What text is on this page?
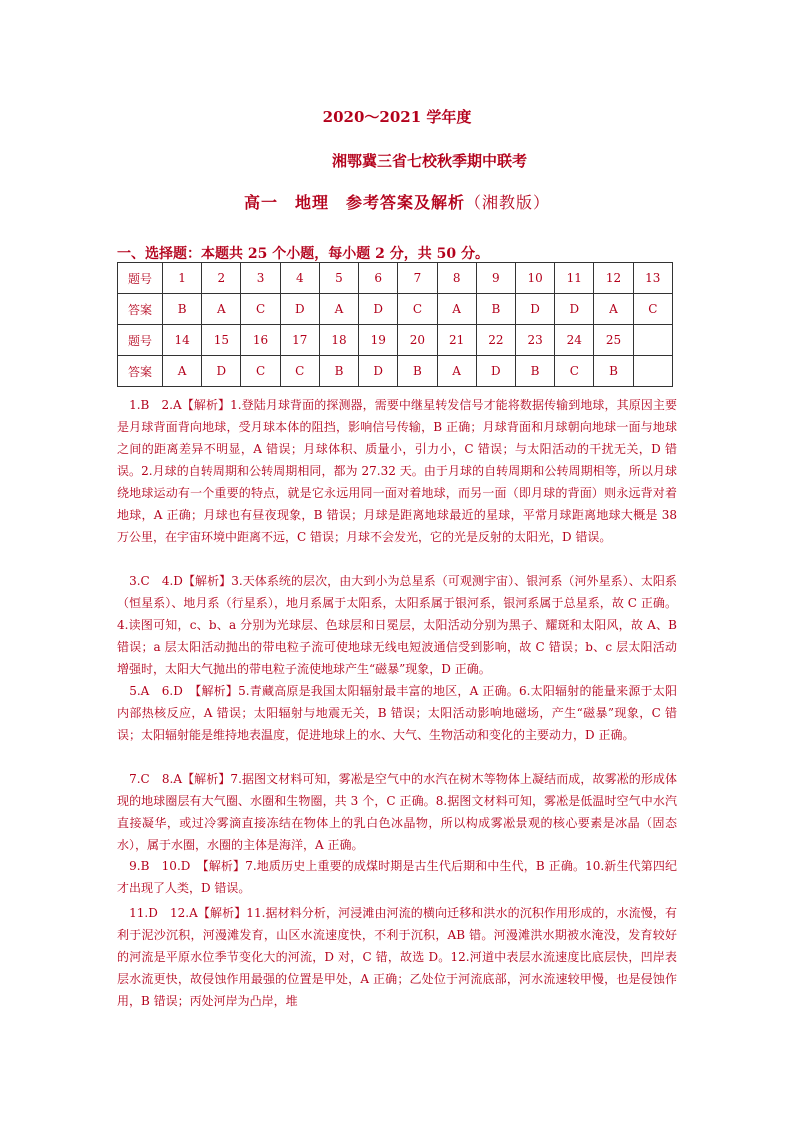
2020～2021 学年度
湘鄂冀三省七校秋季期中联考
高一　地理　参考答案及解析（湘教版）
一、选择题：本题共 25 个小题，每小题 2 分，共 50 分。
题号	1	2	3	4	5	6	7	8	9	10	11	12	13
答案	B	A	C	D	A	D	C	A	B	D	D	A	C
题号	14	15	16	17	18	19	20	21	22	23	24	25	
答案	A	D	C	C	B	D	B	A	D	B	C	B	

　1.B　2.A【解析】1.登陆月球背面的探测器，需要中继星转发信号才能将数据传输到地球，其原因主要是月球背面背向地球，受月球本体的阻挡，影响信号传输，B 正确；月球背面和月球朝向地球一面与地球之间的距离差异不明显，A 错误；月球体积、质量小，引力小，C 错误；与太阳活动的干扰无关，D 错误。2.月球的自转周期和公转周期相同，都为 27.32 天。由于月球的自转周期和公转周期相等，所以月球绕地球运动有一个重要的特点，就是它永远用同一面对着地球，而另一面（即月球的背面）则永远背对着地球，A 正确；月球也有昼夜现象，B 错误；月球是距离地球最近的星球，平常月球距离地球大概是 38 万公里，在宇宙环境中距离不远，C 错误；月球不会发光，它的光是反射的太阳光，D 错误。

　3.C　4.D【解析】3.天体系统的层次，由大到小为总星系（可观测宇宙）、银河系（河外星系）、太阳系（恒星系）、地月系（行星系），地月系属于太阳系，太阳系属于银河系，银河系属于总星系，故 C 正确。4.读图可知，c、b、a 分别为光球层、色球层和日冕层，太阳活动分别为黑子、耀斑和太阳风，故 A、B 错误；a 层太阳活动抛出的带电粒子流可使地球无线电短波通信受到影响，故 C 错误；b、c 层太阳活动增强时，太阳大气抛出的带电粒子流使地球产生“磁暴”现象，D 正确。

　5.A　6.D　【解析】5.青藏高原是我国太阳辐射最丰富的地区，A 正确。6.太阳辐射的能量来源于太阳内部热核反应，A 错误；太阳辐射与地震无关，B 错误；太阳活动影响地磁场，产生“磁暴”现象，C 错误；太阳辐射能是维持地表温度，促进地球上的水、大气、生物活动和变化的主要动力，D 正确。

　7.C　8.A【解析】7.据图文材料可知，雾凇是空气中的水汽在树木等物体上凝结而成，故雾凇的形成体现的地球圈层有大气圈、水圈和生物圈，共 3 个，C 正确。8.据图文材料可知，雾凇是低温时空气中水汽直接凝华，或过冷雾滴直接冻结在物体上的乳白色冰晶物，所以构成雾凇景观的核心要素是冰晶（固态水），属于水圈，水圈的主体是海洋，A 正确。

　9.B　10.D　【解析】7.地质历史上重要的成煤时期是古生代后期和中生代，B 正确。10.新生代第四纪才出现了人类，D 错误。

　11.D　12.A【解析】11.据材料分析，河浸滩由河流的横向迁移和洪水的沉积作用形成的，水流慢，有利于泥沙沉积，河漫滩发育，山区水流速度快，不利于沉积，AB 错。河漫滩洪水期被水淹没，发育较好的河流是平原水位季节变化大的河流，D 对，C 错，故选 D。12.河道中表层水流速度比底层快，凹岸表层水流更快，故侵蚀作用最强的位置是甲处，A 正确；乙处位于河流底部，河水流速较甲慢，也是侵蚀作用，B 错误；丙处河岸为凸岸，堆
